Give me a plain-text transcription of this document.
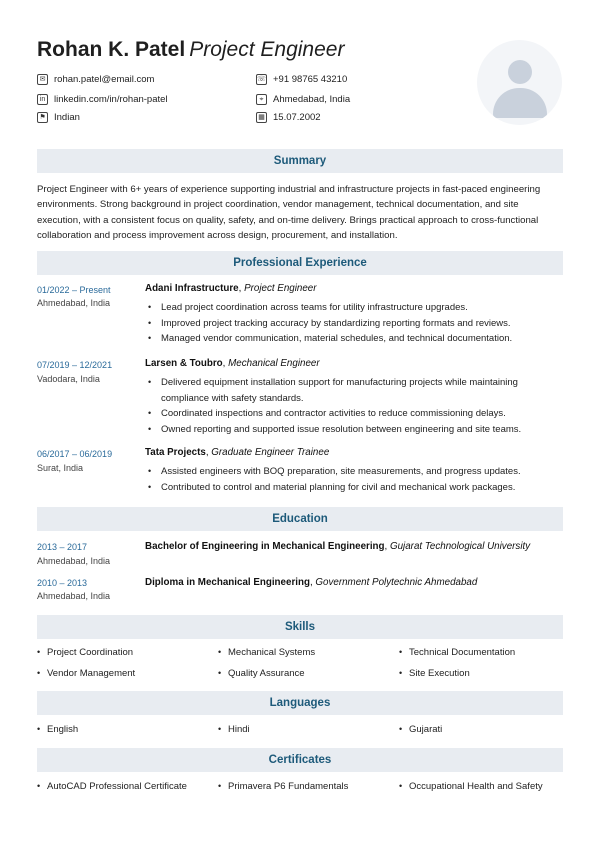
Rohan K. Patel Project Engineer
✉ rohan.patel@email.com	☏ +91 98765 43210
in linkedin.com/in/rohan-patel	⌖	Ahmedabad, India
⚑ Indian	▦ 15.07.2002
Summary
Project Engineer with 6+ years of experience supporting industrial and infrastructure projects in fast-paced engineering environments. Strong background in project coordination, vendor management, technical documentation, and site execution, with a consistent focus on quality, safety, and on-time delivery. Brings practical approach to cross-functional collaboration and process improvement across design, procurement, and installation.
Professional Experience
01/2022 – Present
Ahmedabad, India
Adani Infrastructure, Project Engineer
• Lead project coordination across teams for utility infrastructure upgrades.
• Improved project tracking accuracy by standardizing reporting formats and reviews.
• Managed vendor communication, material schedules, and technical documentation.
07/2019 – 12/2021
Vadodara, India
Larsen & Toubro, Mechanical Engineer
• Delivered equipment installation support for manufacturing projects while maintaining compliance with safety standards.
• Coordinated inspections and contractor activities to reduce commissioning delays.
• Owned reporting and supported issue resolution between engineering and site teams.
06/2017 – 06/2019
Surat, India
Tata Projects, Graduate Engineer Trainee
• Assisted engineers with BOQ preparation, site measurements, and progress updates.
• Contributed to control and material planning for civil and mechanical work packages.
Education
2013 – 2017
Ahmedabad, India
Bachelor of Engineering in Mechanical Engineering, Gujarat Technological University
2010 – 2013
Ahmedabad, India
Diploma in Mechanical Engineering, Government Polytechnic Ahmedabad
Skills
• Project Coordination	• Mechanical Systems	• Technical Documentation
• Vendor Management	• Quality Assurance	• Site Execution
Languages
• English	• Hindi	• Gujarati
Certificates
• AutoCAD Professional Certificate	• Primavera P6 Fundamentals	• Occupational Health and Safety
